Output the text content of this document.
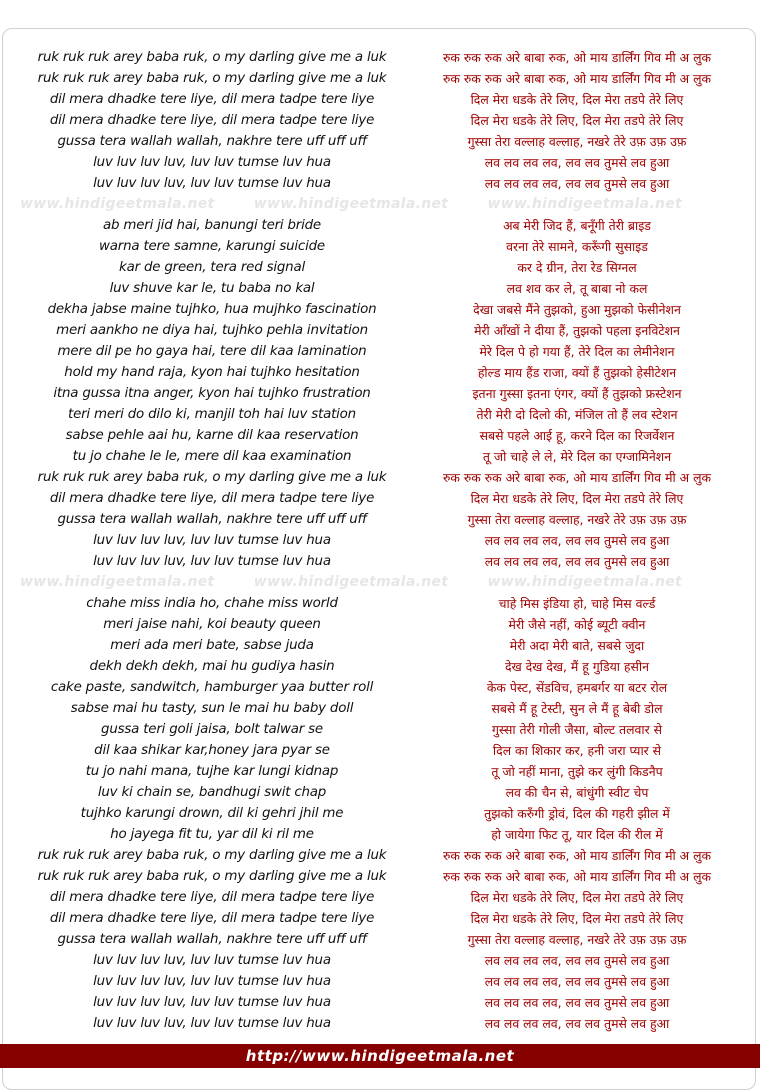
www.hindigeetmala.net	www.hindigeetmala.net	www.hindigeetmala.net
www.hindigeetmala.net	www.hindigeetmala.net	www.hindigeetmala.net
ruk ruk ruk arey baba ruk, o my darling give me a luk
ruk ruk ruk arey baba ruk, o my darling give me a luk
dil mera dhadke tere liye, dil mera tadpe tere liye
dil mera dhadke tere liye, dil mera tadpe tere liye
gussa tera wallah wallah, nakhre tere uff uff uff
luv luv luv luv, luv luv tumse luv hua
luv luv luv luv, luv luv tumse luv hua
ab meri jid hai, banungi teri bride
warna tere samne, karungi suicide
kar de green, tera red signal
luv shuve kar le, tu baba no kal
dekha jabse maine tujhko, hua mujhko fascination
meri aankho ne diya hai, tujhko pehla invitation
mere dil pe ho gaya hai, tere dil kaa lamination
hold my hand raja, kyon hai tujhko hesitation
itna gussa itna anger, kyon hai tujhko frustration
teri meri do dilo ki, manjil toh hai luv station
sabse pehle aai hu, karne dil kaa reservation
tu jo chahe le le, mere dil kaa examination
ruk ruk ruk arey baba ruk, o my darling give me a luk
dil mera dhadke tere liye, dil mera tadpe tere liye
gussa tera wallah wallah, nakhre tere uff uff uff
luv luv luv luv, luv luv tumse luv hua
luv luv luv luv, luv luv tumse luv hua
chahe miss india ho, chahe miss world
meri jaise nahi, koi beauty queen
meri ada meri bate, sabse juda
dekh dekh dekh, mai hu gudiya hasin
cake paste, sandwitch, hamburger yaa butter roll
sabse mai hu tasty, sun le mai hu baby doll
gussa teri goli jaisa, bolt talwar se
dil kaa shikar kar,honey jara pyar se
tu jo nahi mana, tujhe kar lungi kidnap
luv ki chain se, bandhugi swit chap
tujhko karungi drown, dil ki gehri jhil me
ho jayega fit tu, yar dil ki ril me
ruk ruk ruk arey baba ruk, o my darling give me a luk
ruk ruk ruk arey baba ruk, o my darling give me a luk
dil mera dhadke tere liye, dil mera tadpe tere liye
dil mera dhadke tere liye, dil mera tadpe tere liye
gussa tera wallah wallah, nakhre tere uff uff uff
luv luv luv luv, luv luv tumse luv hua
luv luv luv luv, luv luv tumse luv hua
luv luv luv luv, luv luv tumse luv hua
luv luv luv luv, luv luv tumse luv hua
रुक रुक रुक अरे बाबा रुक, ओ माय डार्लिंग गिव मी अ लुक
रुक रुक रुक अरे बाबा रुक, ओ माय डार्लिंग गिव मी अ लुक
दिल मेरा धडके तेरे लिए, दिल मेरा तडपे तेरे लिए
दिल मेरा धडके तेरे लिए, दिल मेरा तडपे तेरे लिए
गुस्सा तेरा वल्लाह वल्लाह, नखरे तेरे उफ़ उफ़ उफ़
लव लव लव लव, लव लव तुमसे लव हुआ
लव लव लव लव, लव लव तुमसे लव हुआ
अब मेरी जिद हैं, बनूँगी तेरी ब्राइड
वरना तेरे सामने, करूँगी सुसाइड
कर दे ग्रीन, तेरा रेड सिग्नल
लव शव कर ले, तू बाबा नो कल
देखा जबसे मैंने तुझको, हुआ मुझको फेसीनेशन
मेरी आँखों ने दीया हैं, तुझको पहला इनविटेशन
मेरे दिल पे हो गया हैं, तेरे दिल का लेमीनेशन
होल्ड माय हैंड राजा, क्यों हैं तुझको हेसीटेशन
इतना गुस्सा इतना एंगर, क्यों हैं तुझको फ्रस्टेशन
तेरी मेरी दो दिलो की, मंजिल तो हैं लव स्टेशन
सबसे पहले आई हू, करने दिल का रिजर्वेशन
तू जो चाहे ले ले, मेरे दिल का एग्जामिनेशन
रुक रुक रुक अरे बाबा रुक, ओ माय डार्लिंग गिव मी अ लुक
दिल मेरा धडके तेरे लिए, दिल मेरा तडपे तेरे लिए
गुस्सा तेरा वल्लाह वल्लाह, नखरे तेरे उफ़ उफ़ उफ़
लव लव लव लव, लव लव तुमसे लव हुआ
लव लव लव लव, लव लव तुमसे लव हुआ
चाहे मिस इंडिया हो, चाहे मिस वर्ल्ड
मेरी जैसे नहीं, कोई ब्यूटी क्वीन
मेरी अदा मेरी बाते, सबसे जुदा
देख देख देख, मैं हू गुडिया हसीन
केक पेस्ट, सेंडविच, हमबर्गर या बटर रोल
सबसे मैं हू टेस्टी, सुन ले मैं हू बेबी डोल
गुस्सा तेरी गोली जैसा, बोल्ट तलवार से
दिल का शिकार कर, हनी जरा प्यार से
तू जो नहीं माना, तुझे कर लुंगी किडनैप
लव की चैन से, बांधुंगी स्वीट चेप
तुझको करुँगी ड्रोवं, दिल की गहरी झील में
हो जायेगा फिट तू, यार दिल की रील में
रुक रुक रुक अरे बाबा रुक, ओ माय डार्लिंग गिव मी अ लुक
रुक रुक रुक अरे बाबा रुक, ओ माय डार्लिंग गिव मी अ लुक
दिल मेरा धडके तेरे लिए, दिल मेरा तडपे तेरे लिए
दिल मेरा धडके तेरे लिए, दिल मेरा तडपे तेरे लिए
गुस्सा तेरा वल्लाह वल्लाह, नखरे तेरे उफ़ उफ़ उफ़
लव लव लव लव, लव लव तुमसे लव हुआ
लव लव लव लव, लव लव तुमसे लव हुआ
लव लव लव लव, लव लव तुमसे लव हुआ
लव लव लव लव, लव लव तुमसे लव हुआ
http://www.hindigeetmala.net
